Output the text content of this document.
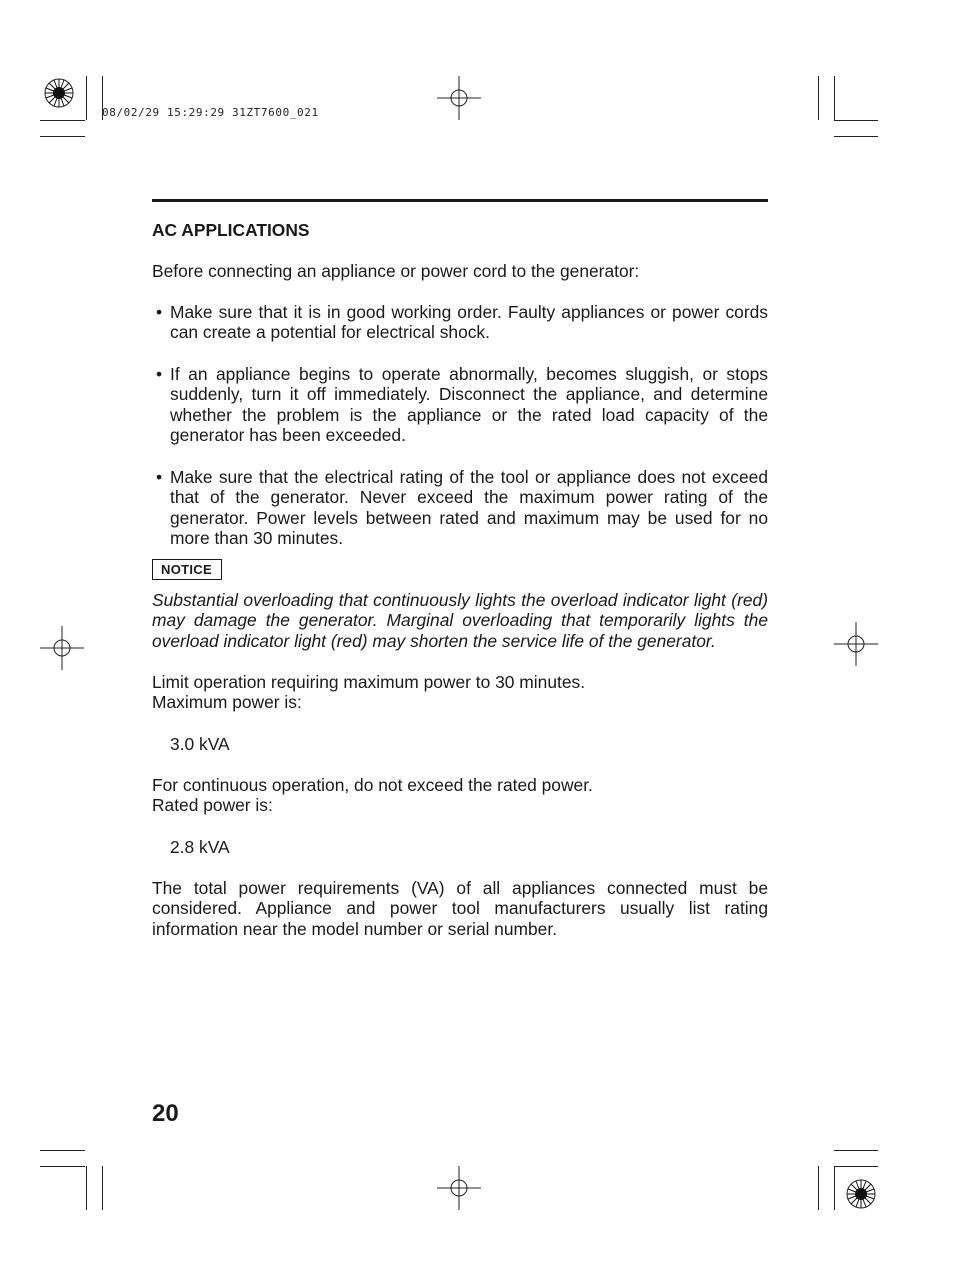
08/02/29 15:29:29 31ZT7600_021
AC APPLICATIONS

Before connecting an appliance or power cord to the generator:

• Make sure that it is in good working order. Faulty appliances or power cords can create a potential for electrical shock.
• If an appliance begins to operate abnormally, becomes sluggish, or stops suddenly, turn it off immediately. Disconnect the appliance, and determine whether the problem is the appliance or the rated load capacity of the generator has been exceeded.
• Make sure that the electrical rating of the tool or appliance does not exceed that of the generator. Never exceed the maximum power rating of the generator. Power levels between rated and maximum may be used for no more than 30 minutes.
NOTICE

Substantial overloading that continuously lights the overload indicator light (red) may damage the generator. Marginal overloading that temporarily lights the overload indicator light (red) may shorten the service life of the generator.

Limit operation requiring maximum power to 30 minutes.

Maximum power is:

3.0 kVA

For continuous operation, do not exceed the rated power.

Rated power is:

2.8 kVA

The total power requirements (VA) of all appliances connected must be considered. Appliance and power tool manufacturers usually list rating information near the model number or serial number.

20
